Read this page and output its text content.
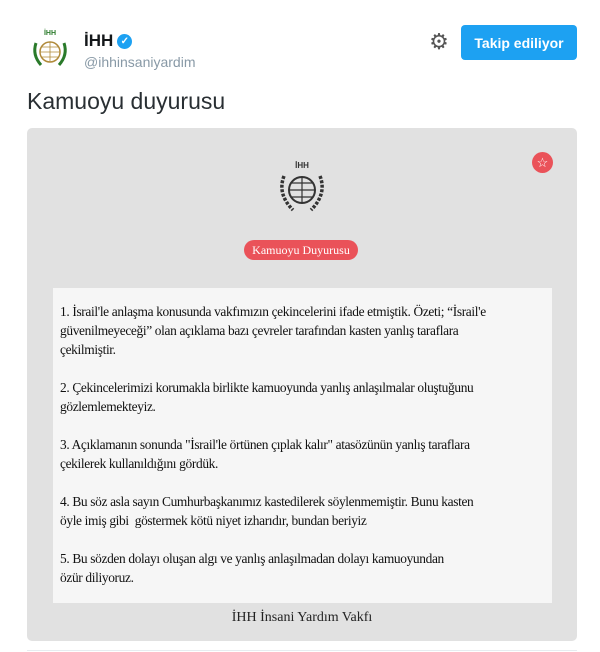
İHH İHH ✓
@ihhinsaniyardim
⚙	Takip ediliyor
Kamuoyu duyurusu
İHH	☆
Kamuoyu Duyurusu
1. İsrail'le anlaşma konusunda vakfımızın çekincelerini ifade etmiştik. Özeti; “İsrail'e
güvenilmeyeceği” olan açıklama bazı çevreler tarafından kasten yanlış taraflara
çekilmiştir.
2. Çekincelerimizi korumakla birlikte kamuoyunda yanlış anlaşılmalar oluştuğunu
gözlemlemekteyiz.
3. Açıklamanın sonunda "İsrail'le örtünen çıplak kalır" atasözünün yanlış taraflara
çekilerek kullanıldığını gördük.
4. Bu söz asla sayın Cumhurbaşkanımız kastedilerek söylenmemiştir. Bunu kasten
öyle imiş gibi  göstermek kötü niyet izharıdır, bundan beriyiz
5. Bu sözden dolayı oluşan algı ve yanlış anlaşılmadan dolayı kamuoyundan
özür diliyoruz.
İHH İnsani Yardım Vakfı
